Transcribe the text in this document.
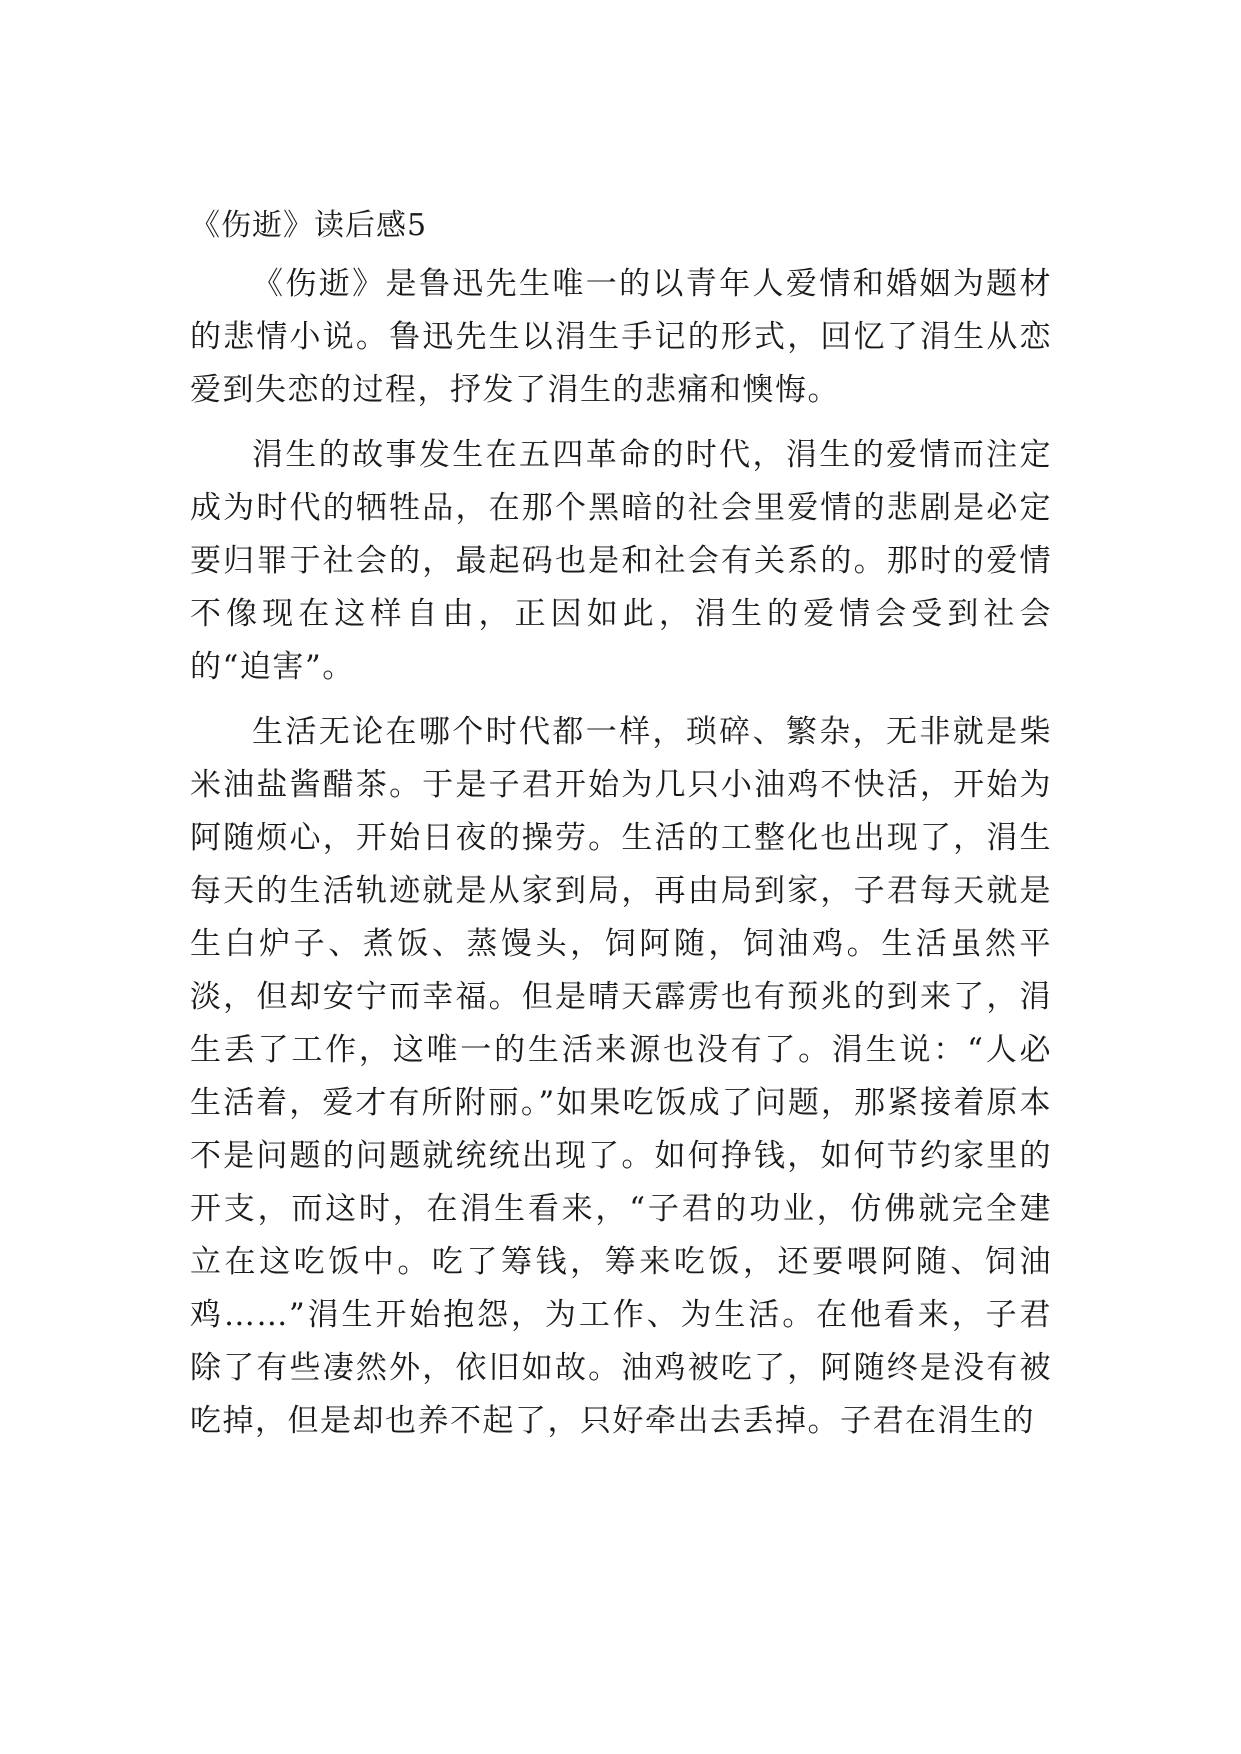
《伤逝》读后感5

《伤逝》是鲁迅先生唯一的以青年人爱情和婚姻为题材的悲情小说。鲁迅先生以涓生手记的形式，回忆了涓生从恋爱到失恋的过程，抒发了涓生的悲痛和懊悔。

涓生的故事发生在五四革命的时代，涓生的爱情而注定成为时代的牺牲品，在那个黑暗的社会里爱情的悲剧是必定要归罪于社会的，最起码也是和社会有关系的。那时的爱情不像现在这样自由，正因如此，涓生的爱情会受到社会的“迫害”。

生活无论在哪个时代都一样，琐碎、繁杂，无非就是柴米油盐酱醋茶。于是子君开始为几只小油鸡不快活，开始为阿随烦心，开始日夜的操劳。生活的工整化也出现了，涓生每天的生活轨迹就是从家到局，再由局到家，子君每天就是生白炉子、煮饭、蒸馒头，饲阿随，饲油鸡。生活虽然平淡，但却安宁而幸福。但是晴天霹雳也有预兆的到来了，涓生丢了工作，这唯一的生活来源也没有了。涓生说：“人必生活着，爱才有所附丽。”如果吃饭成了问题，那紧接着原本不是问题的问题就统统出现了。如何挣钱，如何节约家里的开支，而这时，在涓生看来，“子君的功业，仿佛就完全建立在这吃饭中。吃了筹钱，筹来吃饭，还要喂阿随、饲油鸡……”涓生开始抱怨，为工作、为生活。在他看来，子君除了有些凄然外，依旧如故。油鸡被吃了，阿随终是没有被吃掉，但是却也养不起了，只好牵出去丢掉。子君在涓生的
